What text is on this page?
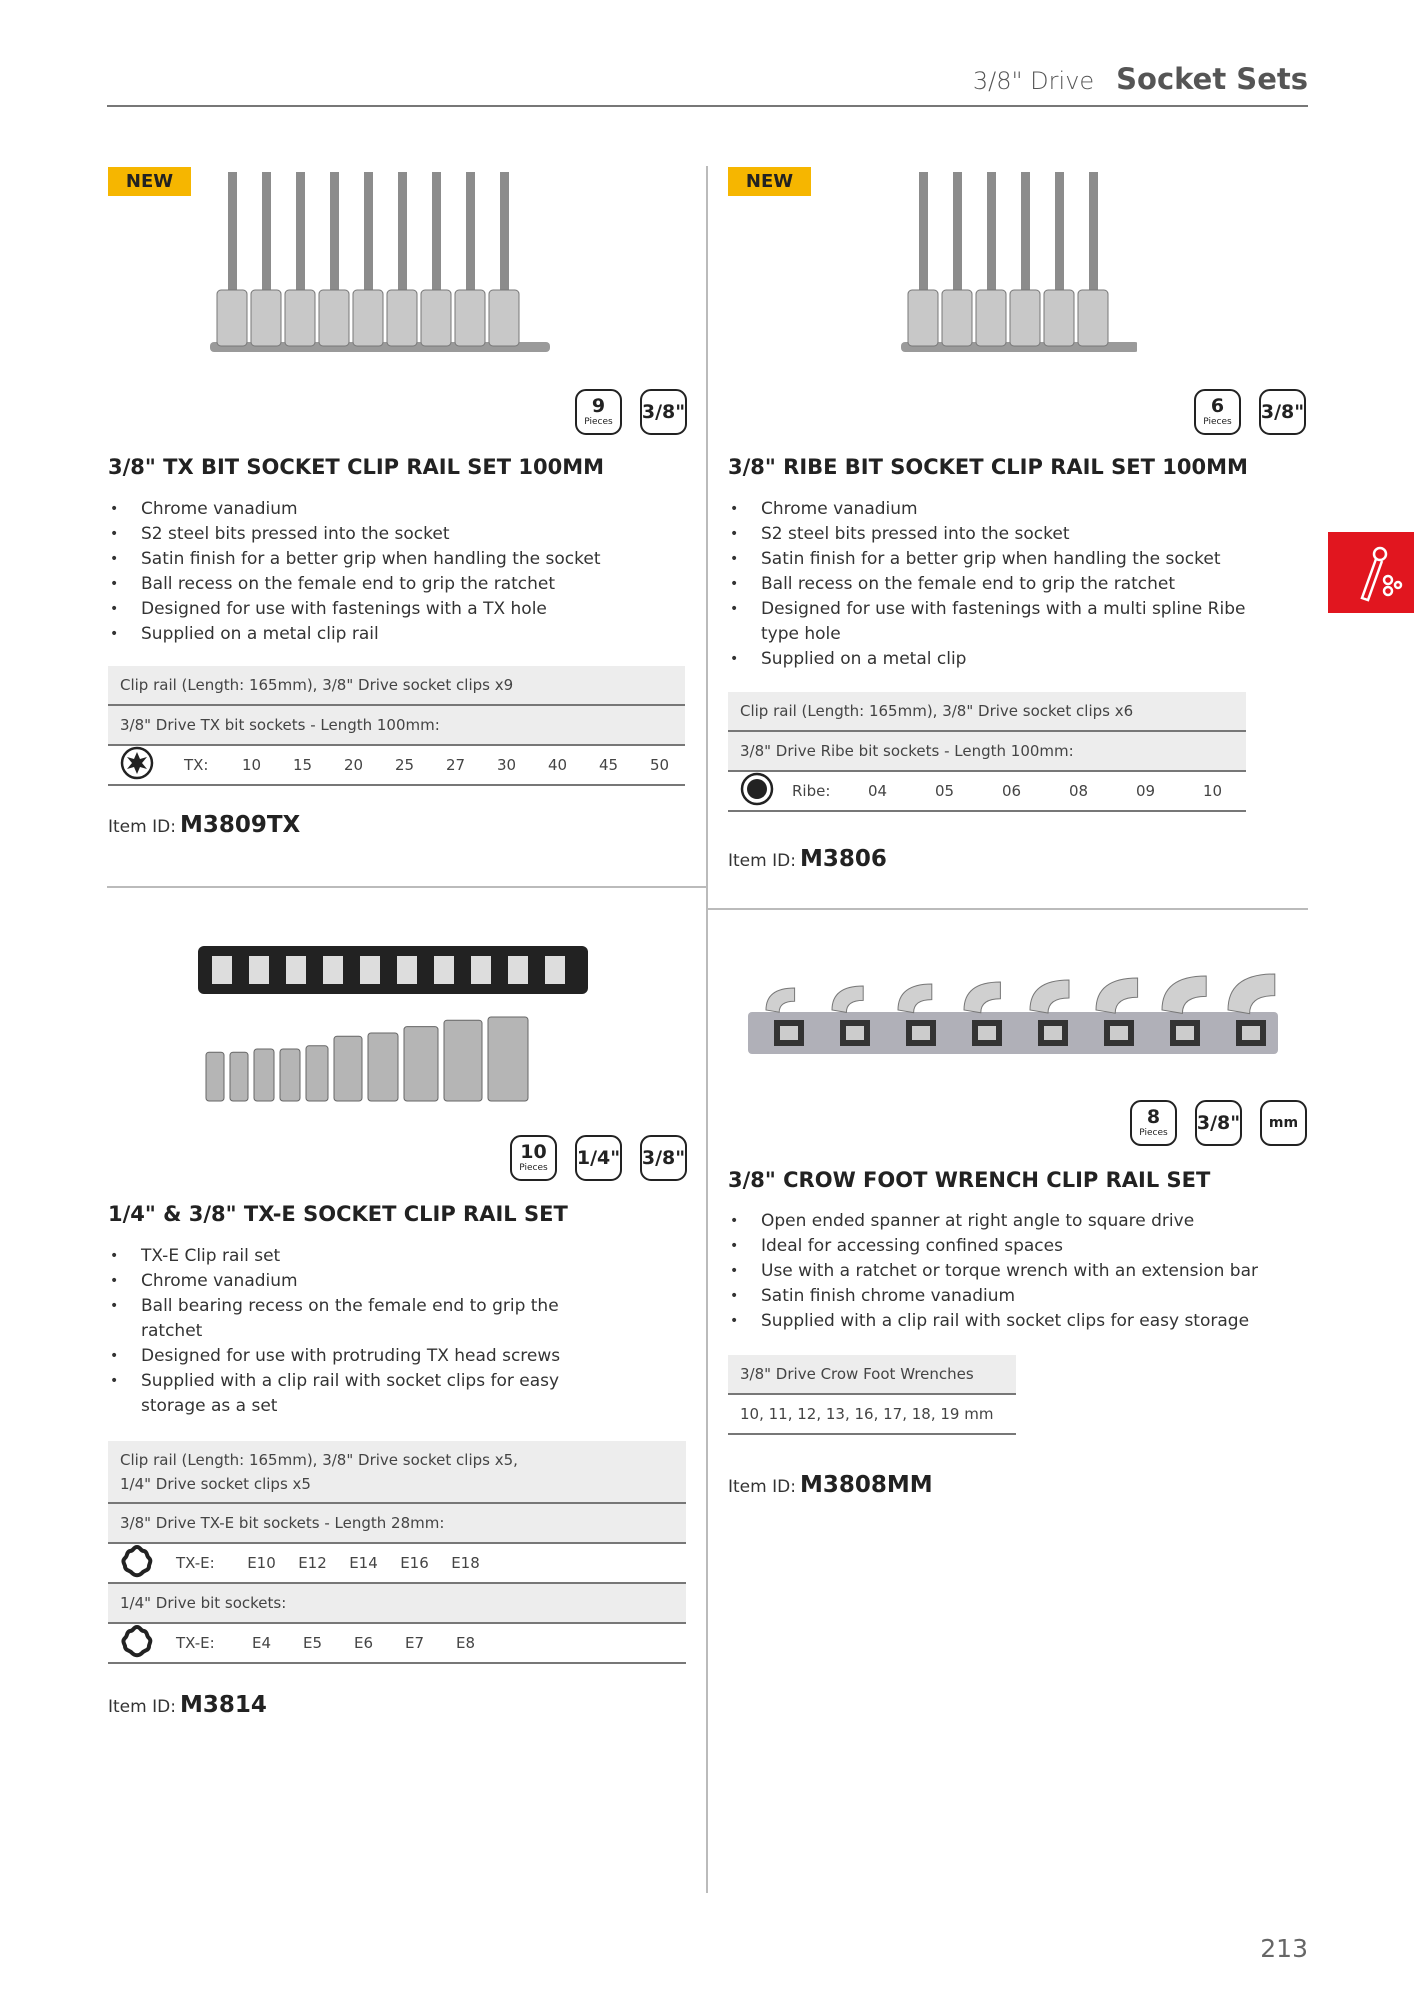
3/8" Drive Socket Sets
NEW
9
Pieces 3/8"
3/8" TX BIT SOCKET CLIP RAIL SET 100MM
• Chrome vanadium
• S2 steel bits pressed into the socket
• Satin finish for a better grip when handling the socket
• Ball recess on the female end to grip the ratchet
• Designed for use with fastenings with a TX hole
• Supplied on a metal clip rail
Clip rail (Length: 165mm), 3/8" Drive socket clips x9
3/8" Drive TX bit sockets - Length 100mm:
TX:	10	15	20	25	27	30	40	45	50
Item ID: M3809TX
NEW
6
Pieces 3/8"
3/8" RIBE BIT SOCKET CLIP RAIL SET 100MM
• Chrome vanadium
• S2 steel bits pressed into the socket
• Satin finish for a better grip when handling the socket
• Ball recess on the female end to grip the ratchet
• Designed for use with fastenings with a multi spline Ribe type hole
• Supplied on a metal clip
Clip rail (Length: 165mm), 3/8" Drive socket clips x6
3/8" Drive Ribe bit sockets - Length 100mm:
Ribe:	04	05	06	08	09	10
Item ID: M3806
10
Pieces 1/4" 3/8"
1/4" & 3/8" TX-E SOCKET CLIP RAIL SET
• TX-E Clip rail set
• Chrome vanadium
• Ball bearing recess on the female end to grip the ratchet
• Designed for use with protruding TX head screws
• Supplied with a clip rail with socket clips for easy storage as a set
Clip rail (Length: 165mm), 3/8" Drive socket clips x5, 1/4" Drive socket clips x5
3/8" Drive TX-E bit sockets - Length 28mm:
TX-E:	E10	E12	E14	E16	E18
1/4" Drive bit sockets:
TX-E:	E4	E5	E6	E7	E8
Item ID: M3814
8
Pieces 3/8"	mm
3/8" CROW FOOT WRENCH CLIP RAIL SET
• Open ended spanner at right angle to square drive
• Ideal for accessing confined spaces
• Use with a ratchet or torque wrench with an extension bar
• Satin finish chrome vanadium
• Supplied with a clip rail with socket clips for easy storage
3/8" Drive Crow Foot Wrenches
10, 11, 12, 13, 16, 17, 18, 19 mm
Item ID: M3808MM
213
